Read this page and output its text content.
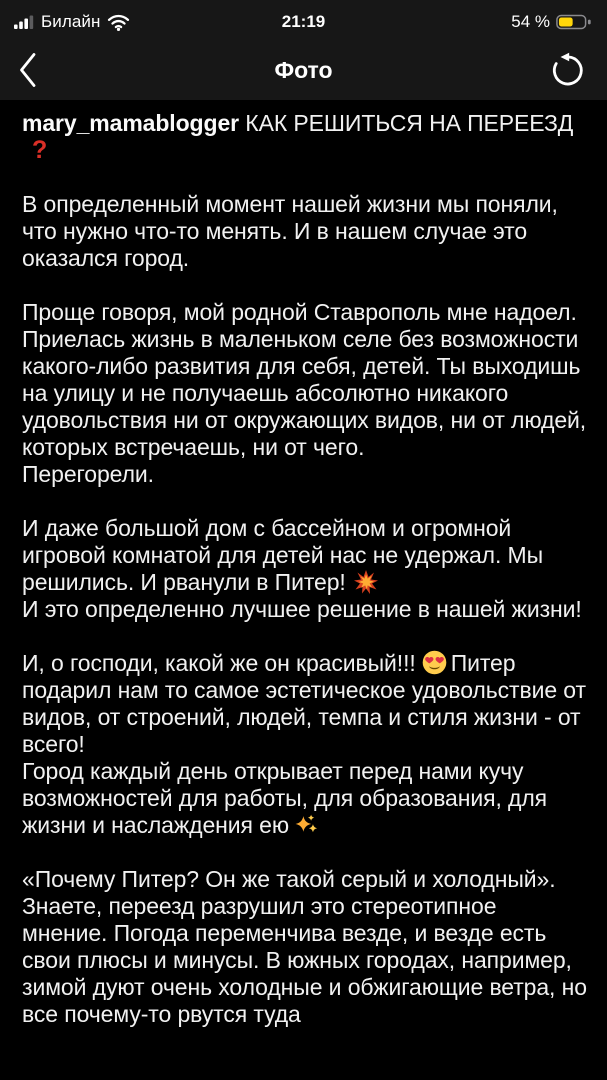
Билайн	21:19	54 %
Фото
mary_mamablogger КАК РЕШИТЬСЯ НА ПЕРЕЕЗД
?

В определенный момент нашей жизни мы поняли, что нужно что-то менять. И в нашем случае это оказался город.

Проще говоря, мой родной Ставрополь мне надоел. Приелась жизнь в маленьком селе без возможности какого-либо развития для себя, детей. Ты выходишь на улицу и не получаешь абсолютно никакого удовольствия ни от окружающих видов, ни от людей, которых встречаешь, ни от чего.
Перегорели.
И даже большой дом с бассейном и огромной игровой комнатой для детей нас не удержал. Мы решились. И рванули в Питер!
И это определенно лучшее решение в нашей жизни!
И, о господи, какой же он красивый!!! Питер подарил нам то самое эстетическое удовольствие от видов, от строений, людей, темпа и стиля жизни - от всего!
Город каждый день открывает перед нами кучу возможностей для работы, для образования, для жизни и наслаждения ею

«Почему Питер? Он же такой серый и холодный». Знаете, переезд разрушил это стереотипное мнение. Погода переменчива везде, и везде есть свои плюсы и минусы. В южных городах, например, зимой дуют очень холодные и обжигающие ветра, но все почему-то рвутся туда
